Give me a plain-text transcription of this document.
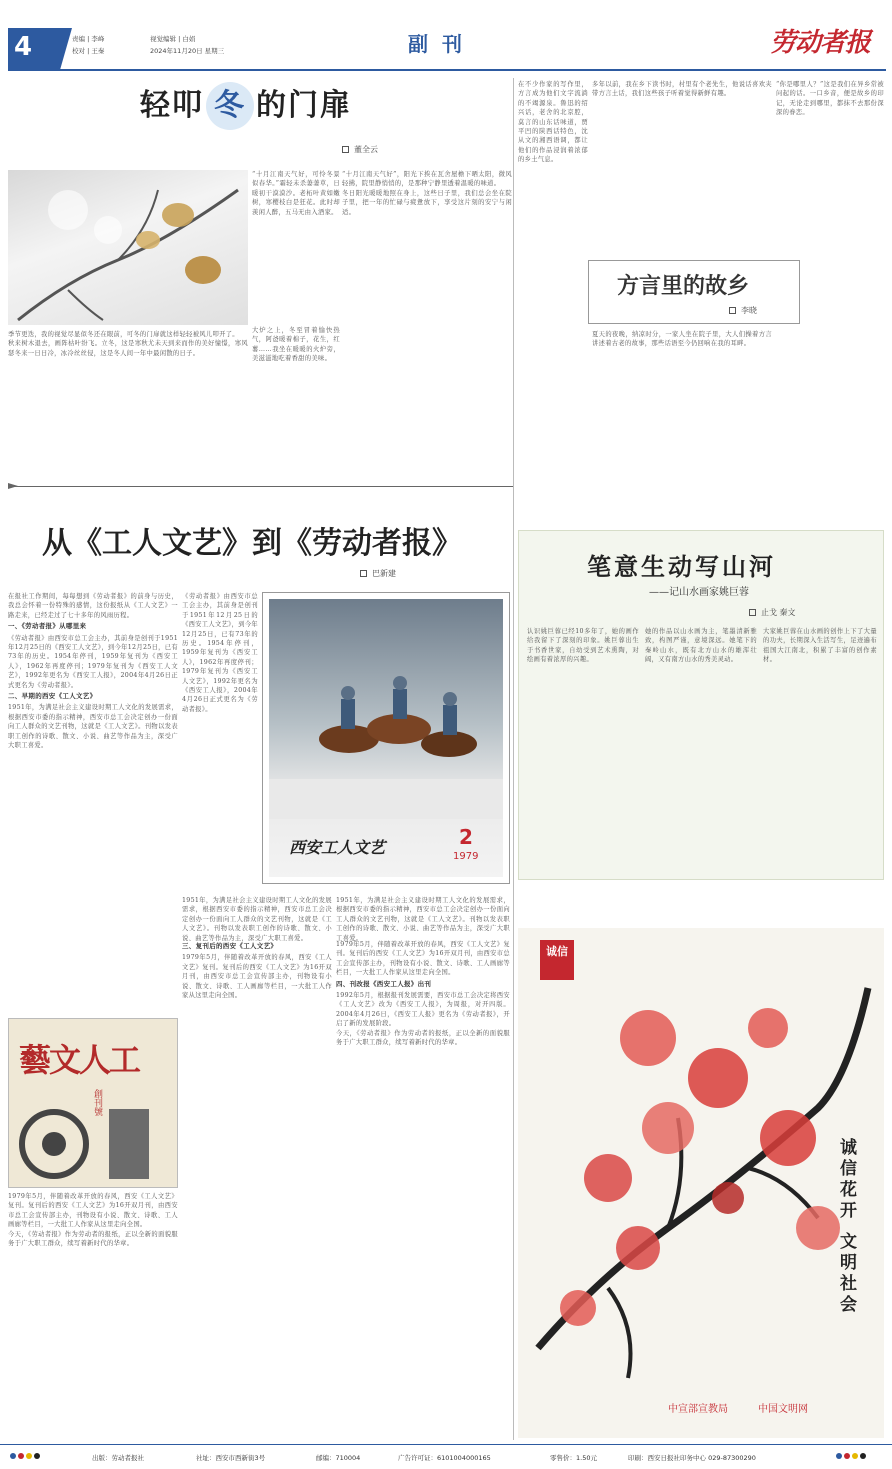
4	责编 | 李峰
校对 | 王秦
视觉编辑 | 白娟
2024年11月20日 星期三	副刊	劳动者报
轻叩 冬 的门扉
董全云

季节更迭，我的视觉尽显似冬还在眼前，可冬的门扉就这样轻轻被风儿叩开了。

秋来树木退去，画阵枯叶纷飞。立冬，这是寒秋尤未天到来而作的美好憧憬，寒风瑟冬来一日日冷，冰冷丝丝侵，这是冬人间一年中最闲散的日子。

“十月江南天气好，可怜冬景似春华。”霜轻未杀萋萋草，日暖初干漠漠沙。老柘叶黄如嫩树，寒樱枝白是狂花。此时却羡闲人醉，五马无由入酒家。

大炉之上，冬至冒着愉快热气，阿爸暖着棉子，花生，红薯……我坐在暖暖的火炉旁，美滋滋地吃着香甜的美味。

“十月江南天气好”，阳光下挨在瓦舍屋檐下晒太阳，微风轻拂，院里静悄悄的，是那种宁静里透着温暖的味道。

冬日阳光暖暖地照在身上，这些日子里，我们总会坐在院子里，把一年的忙碌与疲惫放下，享受这片刻的安宁与闲适。

在不少作家的写作里，方言成为他们文字流淌的不竭源泉。鲁迅的绍兴话，老舍的北京腔，莫言的山东话味道，贾平凹的陕西话特色，沈从文的湘西语调，都让他们的作品浸润着浓郁的乡土气息。

多年以前，我在乡下读书时，村里有个老先生，他说话喜欢夹带方言土话，我们这些孩子听着觉得新鲜有趣。

方言里的故乡
李晓

夏天的夜晚，纳凉时分，一家人坐在院子里，大人们操着方言讲述着古老的故事，那些话语至今仍回响在我的耳畔。

“你是哪里人？”这是我们在异乡常被问起的话。一口乡音，便是故乡的印记，无论走到哪里，都抹不去那份深深的眷恋。

从《工人文艺》到《劳动者报》
巴新建

在报社工作期间，每每想到《劳动者报》的前身与历史，我总会怀着一份特殊的感情，这份报纸从《工人文艺》一路走来，已经走过了七十多年的风雨历程。

一、《劳动者报》从哪里来

《劳动者报》由西安市总工会主办，其前身是创刊于1951年12月25日的《西安工人文艺》，到今年12月25日，已有73年的历史。1954年停刊，1959年复刊为《西安工人》，1962年再度停刊；1979年复刊为《西安工人文艺》，1992年更名为《西安工人报》，2004年4月26日正式更名为《劳动者报》。

二、早期的西安《工人文艺》

1951年，为满足社会主义建设时期工人文化的发展需求，根据西安市委的指示精神，西安市总工会决定创办一份面向工人群众的文艺刊物，这就是《工人文艺》。刊物以发表职工创作的诗歌、散文、小说、曲艺等作品为主，深受广大职工喜爱。

《劳动者报》由西安市总工会主办，其前身是创刊于1951年12月25日的《西安工人文艺》，到今年12月25日，已有73年的历史。1954年停刊，1959年复刊为《西安工人》，1962年再度停刊；1979年复刊为《西安工人文艺》，1992年更名为《西安工人报》，2004年4月26日正式更名为《劳动者报》。

西安工人文艺	2
1979

1951年，为满足社会主义建设时期工人文化的发展需求，根据西安市委的指示精神，西安市总工会决定创办一份面向工人群众的文艺刊物，这就是《工人文艺》。刊物以发表职工创作的诗歌、散文、小说、曲艺等作品为主，深受广大职工喜爱。

1951年，为满足社会主义建设时期工人文化的发展需求，根据西安市委的指示精神，西安市总工会决定创办一份面向工人群众的文艺刊物，这就是《工人文艺》。刊物以发表职工创作的诗歌、散文、小说、曲艺等作品为主，深受广大职工喜爱。

藝文人工
創刊號

1979年5月，伴随着改革开放的春风，西安《工人文艺》复刊。复刊后的西安《工人文艺》为16开双月刊，由西安市总工会宣传部主办，刊物设有小说、散文、诗歌、工人画廊等栏目，一大批工人作家从这里走向全国。

今天，《劳动者报》作为劳动者的报纸，正以全新的面貌服务于广大职工群众，续写着新时代的华章。

三、复刊后的西安《工人文艺》

1979年5月，伴随着改革开放的春风，西安《工人文艺》复刊。复刊后的西安《工人文艺》为16开双月刊，由西安市总工会宣传部主办，刊物设有小说、散文、诗歌、工人画廊等栏目，一大批工人作家从这里走向全国。

1979年5月，伴随着改革开放的春风，西安《工人文艺》复刊。复刊后的西安《工人文艺》为16开双月刊，由西安市总工会宣传部主办，刊物设有小说、散文、诗歌、工人画廊等栏目，一大批工人作家从这里走向全国。

四、刊改报《西安工人报》出刊

1992年5月，根据报刊发展需要，西安市总工会决定将西安《工人文艺》改为《西安工人报》，为周报，对开四版。2004年4月26日，《西安工人报》更名为《劳动者报》，开启了新的发展阶段。

今天，《劳动者报》作为劳动者的报纸，正以全新的面貌服务于广大职工群众，续写着新时代的华章。

笔意生动写山河
——记山水画家姚巨蓉
止戈 秦文

认识姚巨蓉已经10多年了，她的画作给我留下了深刻的印象。姚巨蓉出生于书香世家，自幼受到艺术熏陶，对绘画有着浓厚的兴趣。

她的作品以山水画为主，笔墨清新雅致，构图严谨，意境深远。她笔下的秦岭山水，既有北方山水的雄浑壮阔，又有南方山水的秀美灵动。

大家姚巨蓉在山水画的创作上下了大量的功夫，长期深入生活写生，足迹遍布祖国大江南北，积累了丰富的创作素材。

诚信
诚信花开 文明社会
中宣部宣教局	中国文明网
出版：劳动者报社	社址：西安市西新街3号	邮编：710004	广告许可证：6101004000165	零售价：1.50元	印刷：西安日报社印务中心 029-87300290
